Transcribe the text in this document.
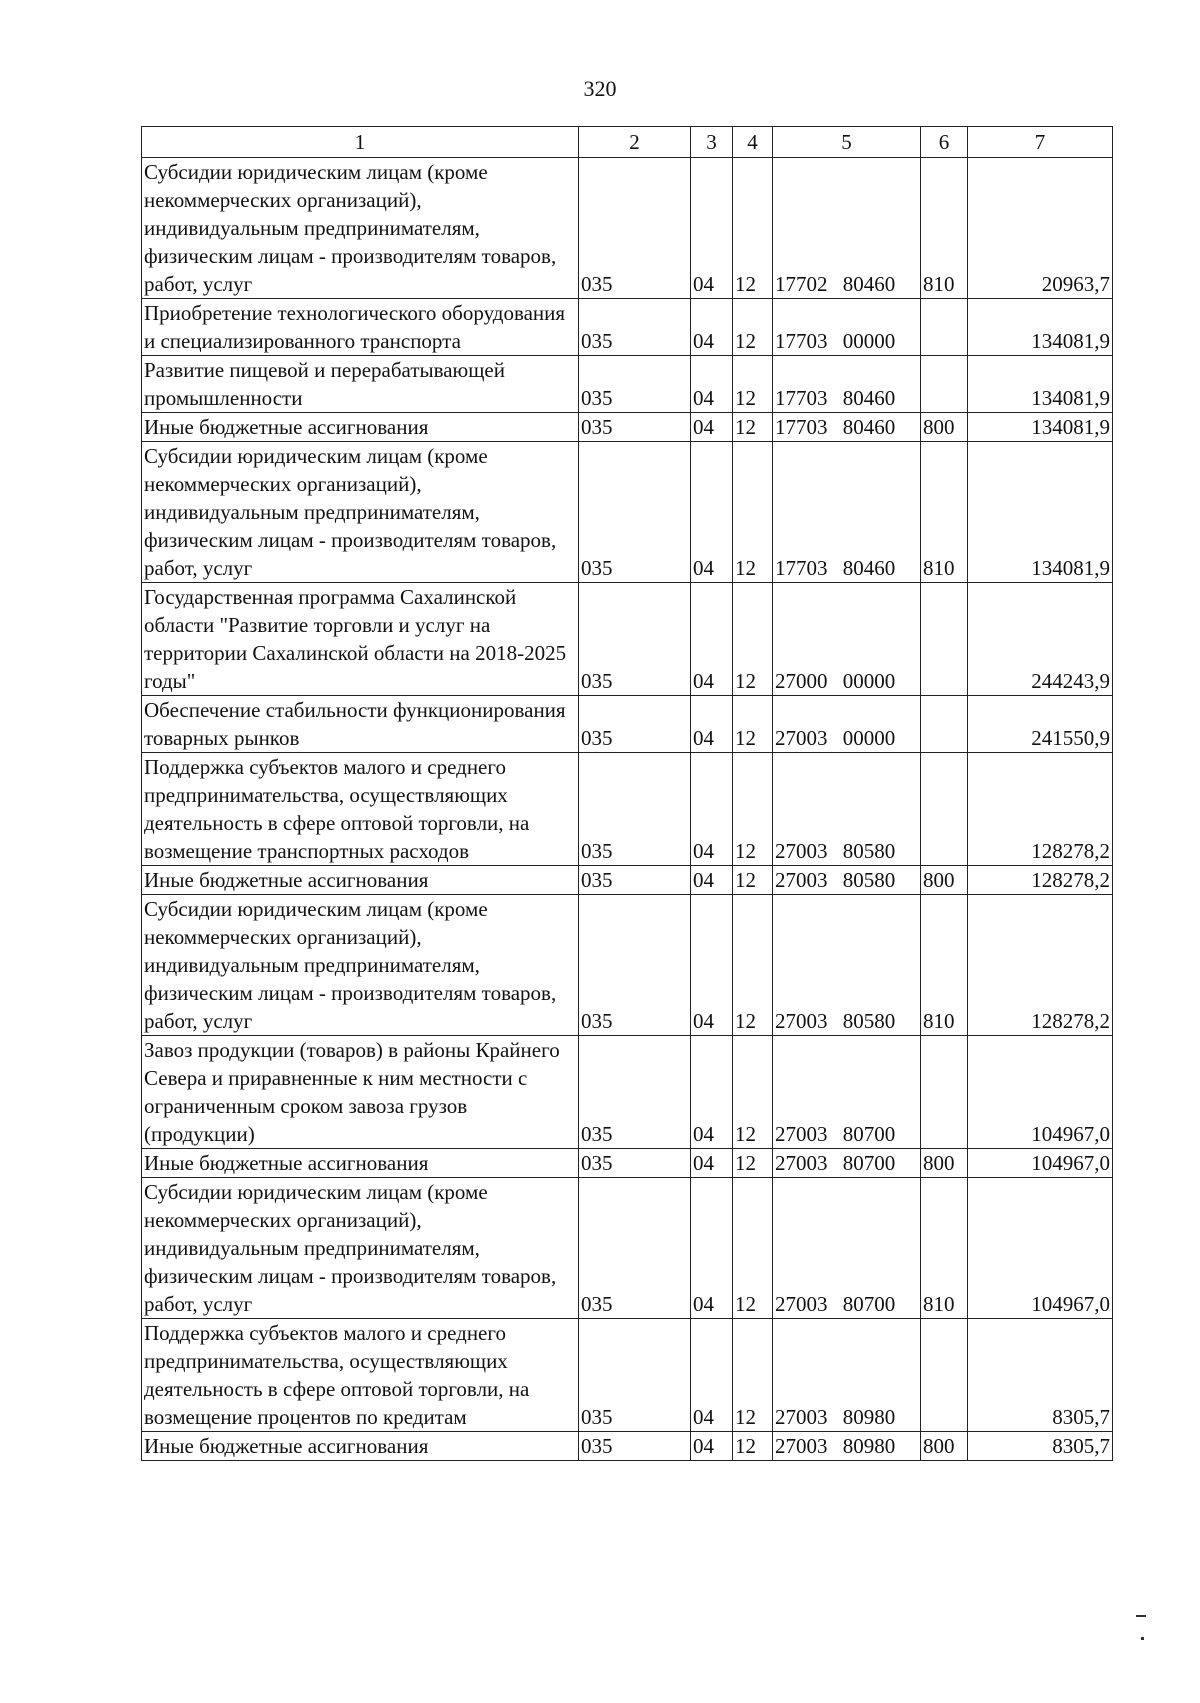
320
1	2	3	4	5	6	7
Субсидии юридическим лицам (кроме некоммерческих организаций), индивидуальным предпринимателям, физическим лицам - производителям товаров, работ, услуг	035	04	12	17702 80460	810	20963,7
Приобретение технологического оборудования и специализированного транспорта	035	04	12	17703 00000		134081,9
Развитие пищевой и перерабатывающей промышленности	035	04	12	17703 80460		134081,9
Иные бюджетные ассигнования	035	04	12	17703 80460	800	134081,9
Субсидии юридическим лицам (кроме некоммерческих организаций), индивидуальным предпринимателям, физическим лицам - производителям товаров, работ, услуг	035	04	12	17703 80460	810	134081,9
Государственная программа Сахалинской области "Развитие торговли и услуг на территории Сахалинской области на 2018-2025 годы"	035	04	12	27000 00000		244243,9
Обеспечение стабильности функционирования товарных рынков	035	04	12	27003 00000		241550,9
Поддержка субъектов малого и среднего предпринимательства, осуществляющих деятельность в сфере оптовой торговли, на возмещение транспортных расходов	035	04	12	27003 80580		128278,2
Иные бюджетные ассигнования	035	04	12	27003 80580	800	128278,2
Субсидии юридическим лицам (кроме некоммерческих организаций), индивидуальным предпринимателям, физическим лицам - производителям товаров, работ, услуг	035	04	12	27003 80580	810	128278,2
Завоз продукции (товаров) в районы Крайнего Севера и приравненные к ним местности с ограниченным сроком завоза грузов (продукции)	035	04	12	27003 80700		104967,0
Иные бюджетные ассигнования	035	04	12	27003 80700	800	104967,0
Субсидии юридическим лицам (кроме некоммерческих организаций), индивидуальным предпринимателям, физическим лицам - производителям товаров, работ, услуг	035	04	12	27003 80700	810	104967,0
Поддержка субъектов малого и среднего предпринимательства, осуществляющих деятельность в сфере оптовой торговли, на возмещение процентов по кредитам	035	04	12	27003 80980		8305,7
Иные бюджетные ассигнования	035	04	12	27003 80980	800	8305,7
